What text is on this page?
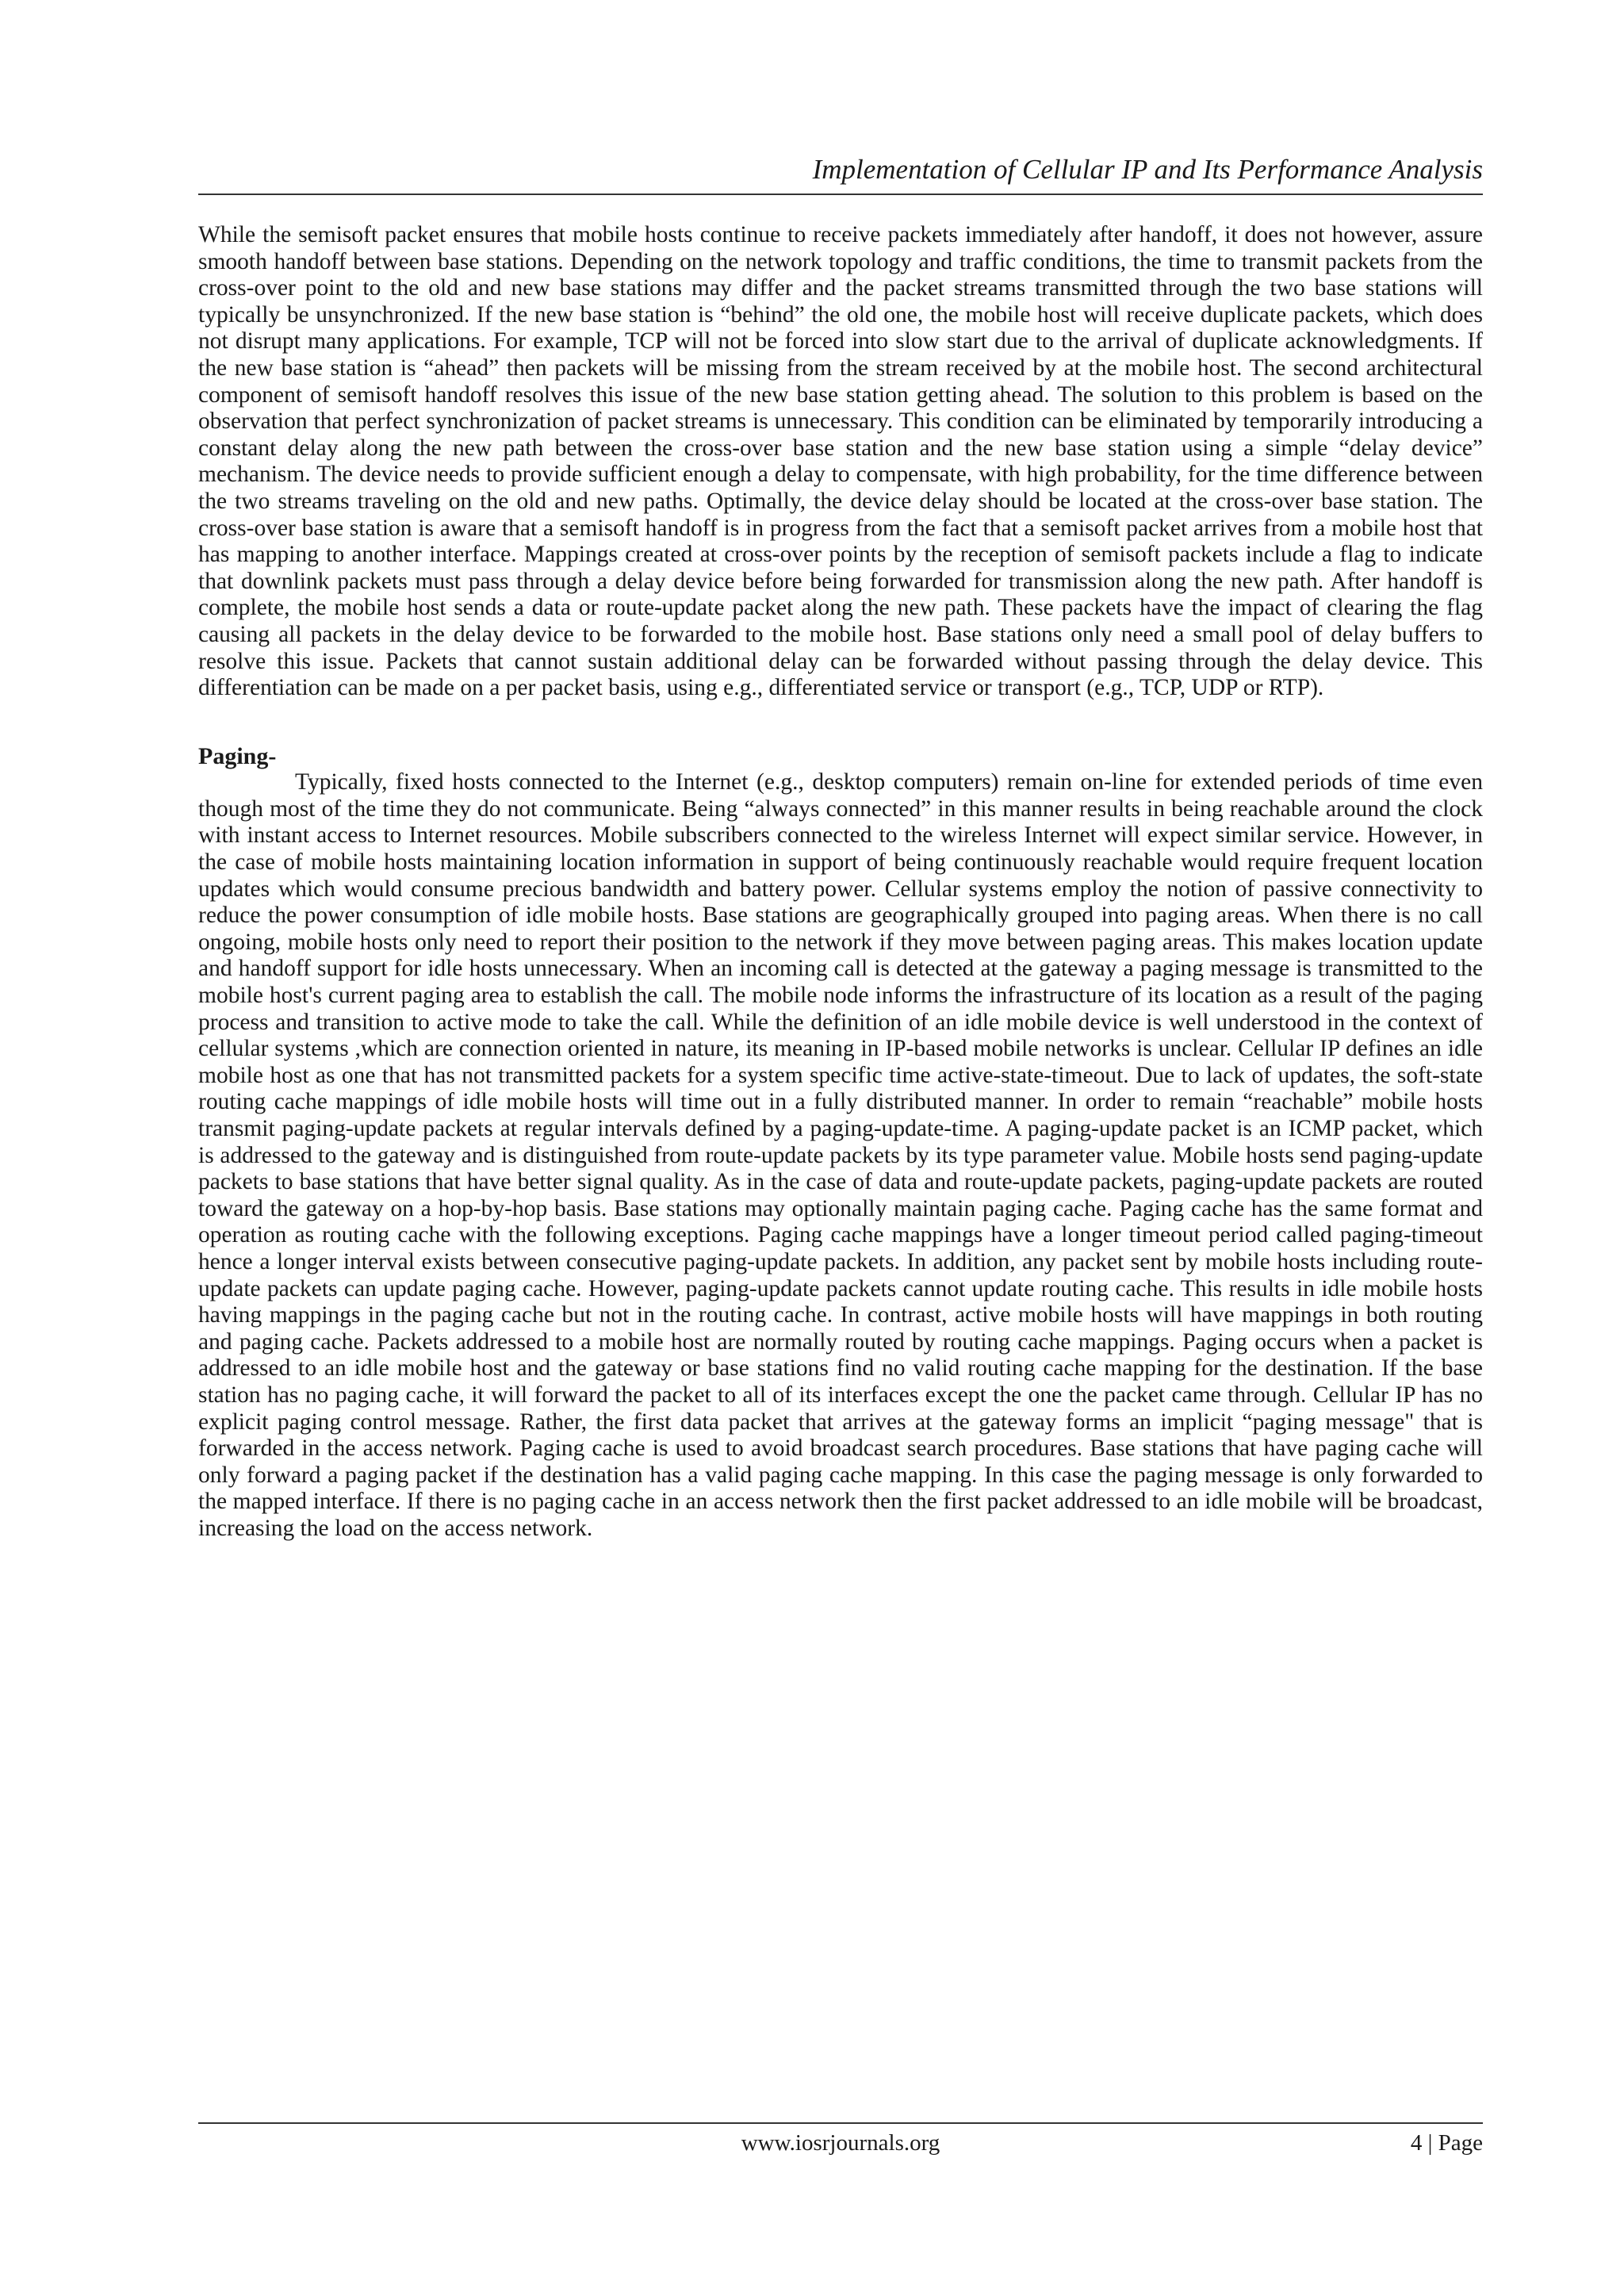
Implementation of Cellular IP and Its Performance Analysis

While the semisoft packet ensures that mobile hosts continue to receive packets immediately after handoff, it does not however, assure smooth handoff between base stations. Depending on the network topology and traffic conditions, the time to transmit packets from the cross-over point to the old and new base stations may differ and the packet streams transmitted through the two base stations will typically be unsynchronized. If the new base station is “behind” the old one, the mobile host will receive duplicate packets, which does not disrupt many applications. For example, TCP will not be forced into slow start due to the arrival of duplicate acknowledgments. If the new base station is “ahead” then packets will be missing from the stream received by at the mobile host. The second architectural component of semisoft handoff resolves this issue of the new base station getting ahead. The solution to this problem is based on the observation that perfect synchronization of packet streams is unnecessary. This condition can be eliminated by temporarily introducing a constant delay along the new path between the cross-over base station and the new base station using a simple “delay device” mechanism. The device needs to provide sufficient enough a delay to compensate, with high probability, for the time difference between the two streams traveling on the old and new paths. Optimally, the device delay should be located at the cross-over base station. The cross-over base station is aware that a semisoft handoff is in progress from the fact that a semisoft packet arrives from a mobile host that has mapping to another interface. Mappings created at cross-over points by the reception of semisoft packets include a flag to indicate that downlink packets must pass through a delay device before being forwarded for transmission along the new path. After handoff is complete, the mobile host sends a data or route-update packet along the new path. These packets have the impact of clearing the flag causing all packets in the delay device to be forwarded to the mobile host. Base stations only need a small pool of delay buffers to resolve this issue. Packets that cannot sustain additional delay can be forwarded without passing through the delay device. This differentiation can be made on a per packet basis, using e.g., differentiated service or transport (e.g., TCP, UDP or RTP).

Paging-

Typically, fixed hosts connected to the Internet (e.g., desktop computers) remain on-line for extended periods of time even though most of the time they do not communicate. Being “always connected” in this manner results in being reachable around the clock with instant access to Internet resources. Mobile subscribers connected to the wireless Internet will expect similar service. However, in the case of mobile hosts maintaining location information in support of being continuously reachable would require frequent location updates which would consume precious bandwidth and battery power. Cellular systems employ the notion of passive connectivity to reduce the power consumption of idle mobile hosts. Base stations are geographically grouped into paging areas. When there is no call ongoing, mobile hosts only need to report their position to the network if they move between paging areas. This makes location update and handoff support for idle hosts unnecessary. When an incoming call is detected at the gateway a paging message is transmitted to the mobile host's current paging area to establish the call. The mobile node informs the infrastructure of its location as a result of the paging process and transition to active mode to take the call. While the definition of an idle mobile device is well understood in the context of cellular systems ,which are connection oriented in nature, its meaning in IP-based mobile networks is unclear. Cellular IP defines an idle mobile host as one that has not transmitted packets for a system specific time active-state-timeout. Due to lack of updates, the soft-state routing cache mappings of idle mobile hosts will time out in a fully distributed manner. In order to remain “reachable” mobile hosts transmit paging-update packets at regular intervals defined by a paging-update-time. A paging-update packet is an ICMP packet, which is addressed to the gateway and is distinguished from route-update packets by its type parameter value. Mobile hosts send paging-update packets to base stations that have better signal quality. As in the case of data and route-update packets, paging-update packets are routed toward the gateway on a hop-by-hop basis. Base stations may optionally maintain paging cache. Paging cache has the same format and operation as routing cache with the following exceptions. Paging cache mappings have a longer timeout period called paging-timeout hence a longer interval exists between consecutive paging-update packets. In addition, any packet sent by mobile hosts including route-update packets can update paging cache. However, paging-update packets cannot update routing cache. This results in idle mobile hosts having mappings in the paging cache but not in the routing cache. In contrast, active mobile hosts will have mappings in both routing and paging cache. Packets addressed to a mobile host are normally routed by routing cache mappings. Paging occurs when a packet is addressed to an idle mobile host and the gateway or base stations find no valid routing cache mapping for the destination. If the base station has no paging cache, it will forward the packet to all of its interfaces except the one the packet came through. Cellular IP has no explicit paging control message. Rather, the first data packet that arrives at the gateway forms an implicit “paging message" that is forwarded in the access network. Paging cache is used to avoid broadcast search procedures. Base stations that have paging cache will only forward a paging packet if the destination has a valid paging cache mapping. In this case the paging message is only forwarded to the mapped interface. If there is no paging cache in an access network then the first packet addressed to an idle mobile will be broadcast, increasing the load on the access network.

www.iosrjournals.org	4 | Page
